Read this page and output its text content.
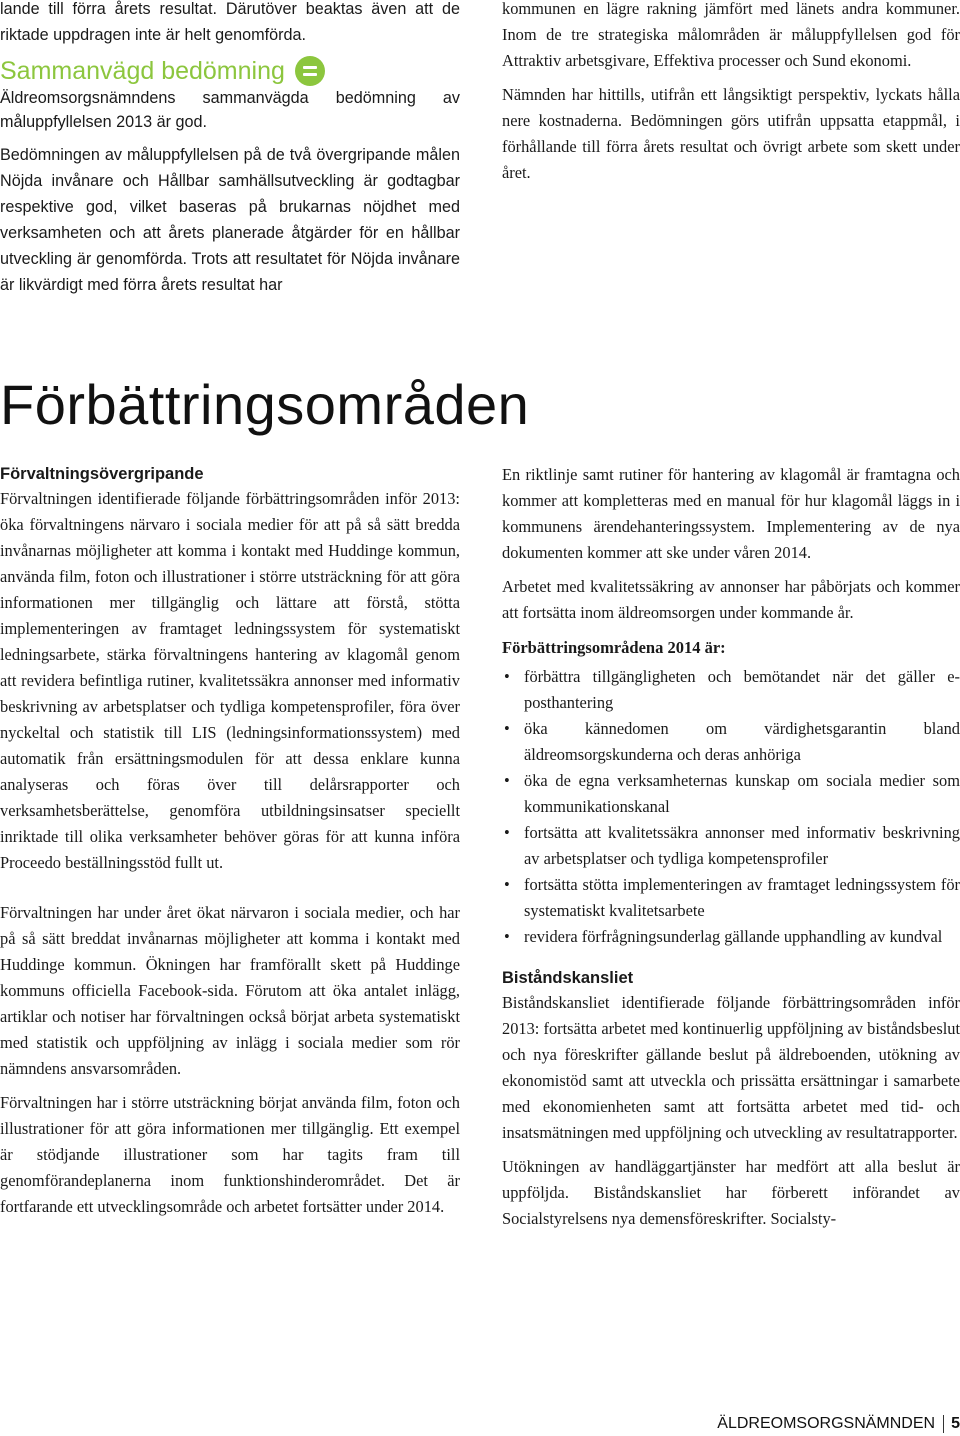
lande till förra årets resultat. Därutöver beaktas även att de riktade uppdragen inte är helt genomförda.

Sammanvägd bedömning

Äldreomsorgsnämndens sammanvägda bedömning av

måluppfyllelsen 2013 är god.

Bedömningen av måluppfyllelsen på de två övergripande målen Nöjda invånare och Hållbar samhällsutveckling är godtagbar respektive god, vilket baseras på brukarnas nöjdhet med verksamheten och att årets planerade åtgärder för en hållbar utveckling är genomförda. Trots att resultatet för Nöjda invånare är likvärdigt med förra årets resultat har

kommunen en lägre rakning jämfört med länets andra kommuner. Inom de tre strategiska målområden är måluppfyllelsen god för Attraktiv arbetsgivare, Effektiva processer och Sund ekonomi.

Nämnden har hittills, utifrån ett långsiktigt perspektiv, lyckats hålla nere kostnaderna. Bedömningen görs utifrån uppsatta etappmål, i förhållande till förra årets resultat och övrigt arbete som skett under året.

Förbättringsområden
Förvaltningsövergripande

Förvaltningen identifierade följande förbättringsområden inför 2013: öka förvaltningens närvaro i sociala medier för att på så sätt bredda invånarnas möjligheter att komma i kontakt med Huddinge kommun, använda film, foton och illustrationer i större utsträckning för att göra informationen mer tillgänglig och lättare att förstå, stötta implementeringen av framtaget ledningssystem för systematiskt ledningsarbete, stärka förvaltningens hantering av klagomål genom att revidera befintliga rutiner, kvalitetssäkra annonser med informativ beskrivning av arbetsplatser och tydliga kompetensprofiler, föra över nyckeltal och statistik till LIS (ledningsinformationssystem) med automatik från ersättningsmodulen för att dessa enklare kunna analyseras och föras över till delårsrapporter och verksamhetsberättelse, genomföra utbildningsinsatser speciellt inriktade till olika verksamheter behöver göras för att kunna införa Proceedo beställningsstöd fullt ut.

Förvaltningen har under året ökat närvaron i sociala medier, och har på så sätt breddat invånarnas möjligheter att komma i kontakt med Huddinge kommun. Ökningen har framförallt skett på Huddinge kommuns officiella Facebook-sida. Förutom att öka antalet inlägg, artiklar och notiser har förvaltningen också börjat arbeta systematiskt med statistik och uppföljning av inlägg i sociala medier som rör nämndens ansvarsområden.

Förvaltningen har i större utsträckning börjat använda film, foton och illustrationer för att göra informationen mer tillgänglig. Ett exempel är stödjande illustrationer som har tagits fram till genomförandeplanerna inom funktionshinderområdet. Det är fortfarande ett utvecklingsområde och arbetet fortsätter under 2014.

En riktlinje samt rutiner för hantering av klagomål är framtagna och kommer att kompletteras med en manual för hur klagomål läggs in i kommunens ärendehanteringssystem. Implementering av de nya dokumenten kommer att ske under våren 2014.

Arbetet med kvalitetssäkring av annonser har påbörjats och kommer att fortsätta inom äldreomsorgen under kommande år.

Förbättringsområdena 2014 är:
• förbättra tillgängligheten och bemötandet när det gäller e-posthantering
• öka kännedomen om värdighetsgarantin bland äldreomsorgskunderna och deras anhöriga
• öka de egna verksamheternas kunskap om sociala medier som kommunikationskanal
• fortsätta att kvalitetssäkra annonser med informativ beskrivning av arbetsplatser och tydliga kompetensprofiler
• fortsätta stötta implementeringen av framtaget ledningssystem för systematiskt kvalitetsarbete
• revidera förfrågningsunderlag gällande upphandling av kundval
Biståndskansliet

Biståndskansliet identifierade följande förbättringsområden inför 2013: fortsätta arbetet med kontinuerlig uppföljning av biståndsbeslut och nya föreskrifter gällande beslut på äldreboenden, utökning av ekonomistöd samt att utveckla och prissätta ersättningar i samarbete med ekonomienheten samt att fortsätta arbetet med tid- och insatsmätningen med uppföljning och utveckling av resultatrapporter.

Utökningen av handläggartjänster har medfört att alla beslut är uppföljda. Biståndskansliet har förberett införandet av Socialstyrelsens nya demensföreskrifter. Socialsty-

ÄLDREOMSORGSNÄMNDEN 5
